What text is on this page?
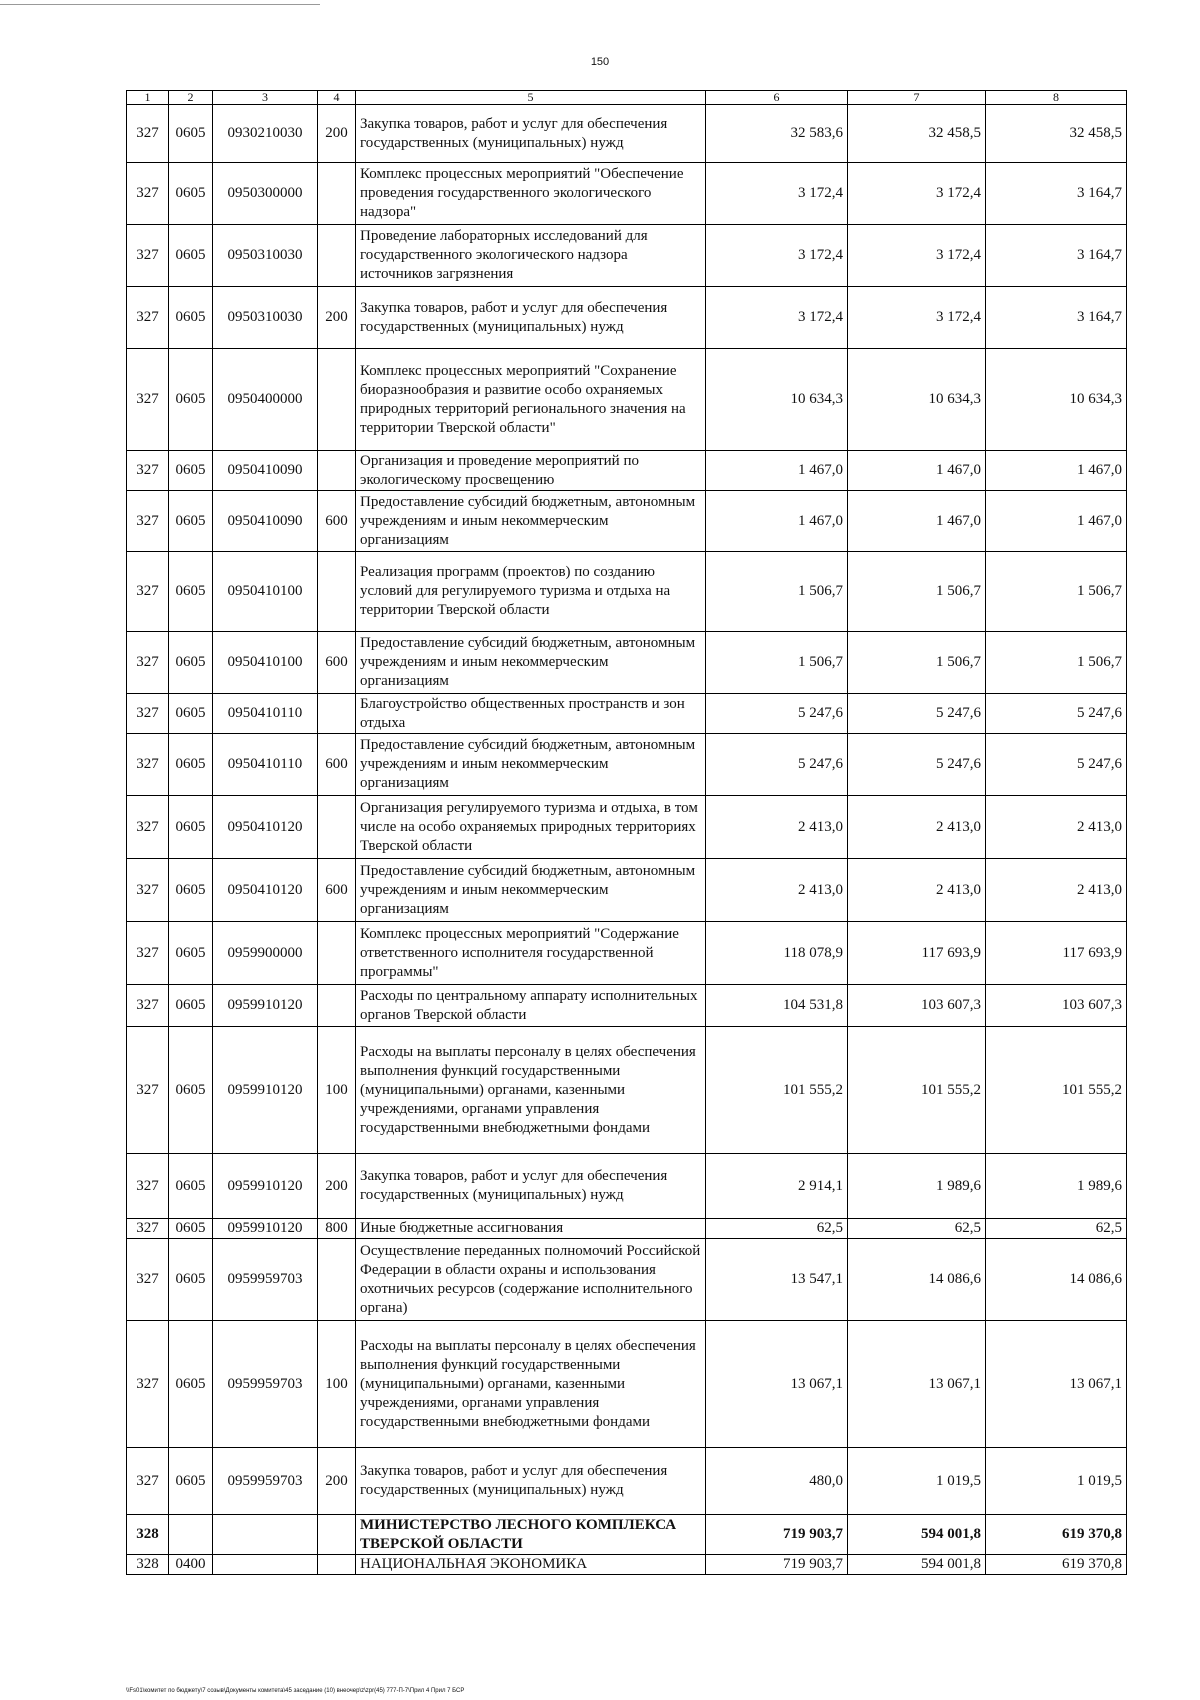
150
1	2	3	4	5	6	7	8
327	0605	0930210030	200	Закупка товаров, работ и услуг для обеспечения государственных (муниципальных) нужд	32 583,6	32 458,5	32 458,5
327	0605	0950300000		Комплекс процессных мероприятий "Обеспечение проведения государственного экологического надзора"	3 172,4	3 172,4	3 164,7
327	0605	0950310030		Проведение лабораторных исследований для государственного экологического надзора источников загрязнения	3 172,4	3 172,4	3 164,7
327	0605	0950310030	200	Закупка товаров, работ и услуг для обеспечения государственных (муниципальных) нужд	3 172,4	3 172,4	3 164,7
327	0605	0950400000		Комплекс процессных мероприятий "Сохранение биоразнообразия и развитие особо охраняемых природных территорий регионального значения на территории Тверской области"	10 634,3	10 634,3	10 634,3
327	0605	0950410090		Организация и проведение мероприятий по экологическому просвещению	1 467,0	1 467,0	1 467,0
327	0605	0950410090	600	Предоставление субсидий бюджетным, автономным учреждениям и иным некоммерческим организациям	1 467,0	1 467,0	1 467,0
327	0605	0950410100		Реализация программ (проектов) по созданию условий для регулируемого туризма и отдыха на территории Тверской области	1 506,7	1 506,7	1 506,7
327	0605	0950410100	600	Предоставление субсидий бюджетным, автономным учреждениям и иным некоммерческим организациям	1 506,7	1 506,7	1 506,7
327	0605	0950410110		Благоустройство общественных пространств и зон отдыха	5 247,6	5 247,6	5 247,6
327	0605	0950410110	600	Предоставление субсидий бюджетным, автономным учреждениям и иным некоммерческим организациям	5 247,6	5 247,6	5 247,6
327	0605	0950410120		Организация регулируемого туризма и отдыха, в том числе на особо охраняемых природных территориях Тверской области	2 413,0	2 413,0	2 413,0
327	0605	0950410120	600	Предоставление субсидий бюджетным, автономным учреждениям и иным некоммерческим организациям	2 413,0	2 413,0	2 413,0
327	0605	0959900000		Комплекс процессных мероприятий "Содержание ответственного исполнителя государственной программы"	118 078,9	117 693,9	117 693,9
327	0605	0959910120		Расходы по центральному аппарату исполнительных органов Тверской области	104 531,8	103 607,3	103 607,3
327	0605	0959910120	100	Расходы на выплаты персоналу в целях обеспечения выполнения функций государственными (муниципальными) органами, казенными учреждениями, органами управления государственными внебюджетными фондами	101 555,2	101 555,2	101 555,2
327	0605	0959910120	200	Закупка товаров, работ и услуг для обеспечения государственных (муниципальных) нужд	2 914,1	1 989,6	1 989,6
327	0605	0959910120	800	Иные бюджетные ассигнования	62,5	62,5	62,5
327	0605	0959959703		Осуществление переданных полномочий Российской Федерации в области охраны и использования охотничьих ресурсов (содержание исполнительного органа)	13 547,1	14 086,6	14 086,6
327	0605	0959959703	100	Расходы на выплаты персоналу в целях обеспечения выполнения функций государственными (муниципальными) органами, казенными учреждениями, органами управления государственными внебюджетными фондами	13 067,1	13 067,1	13 067,1
327	0605	0959959703	200	Закупка товаров, работ и услуг для обеспечения государственных (муниципальных) нужд	480,0	1 019,5	1 019,5
328				МИНИСТЕРСТВО ЛЕСНОГО КОМПЛЕКСА ТВЕРСКОЙ ОБЛАСТИ	719 903,7	594 001,8	619 370,8
328	0400			НАЦИОНАЛЬНАЯ ЭКОНОМИКА	719 903,7	594 001,8	619 370,8
\\Fs01\комитет по бюджету\7 созыв\Документы комитета\45 заседание (10) внеочер\z\zpr(45) 777-П-7\Прил 4 Прил 7 БСР
